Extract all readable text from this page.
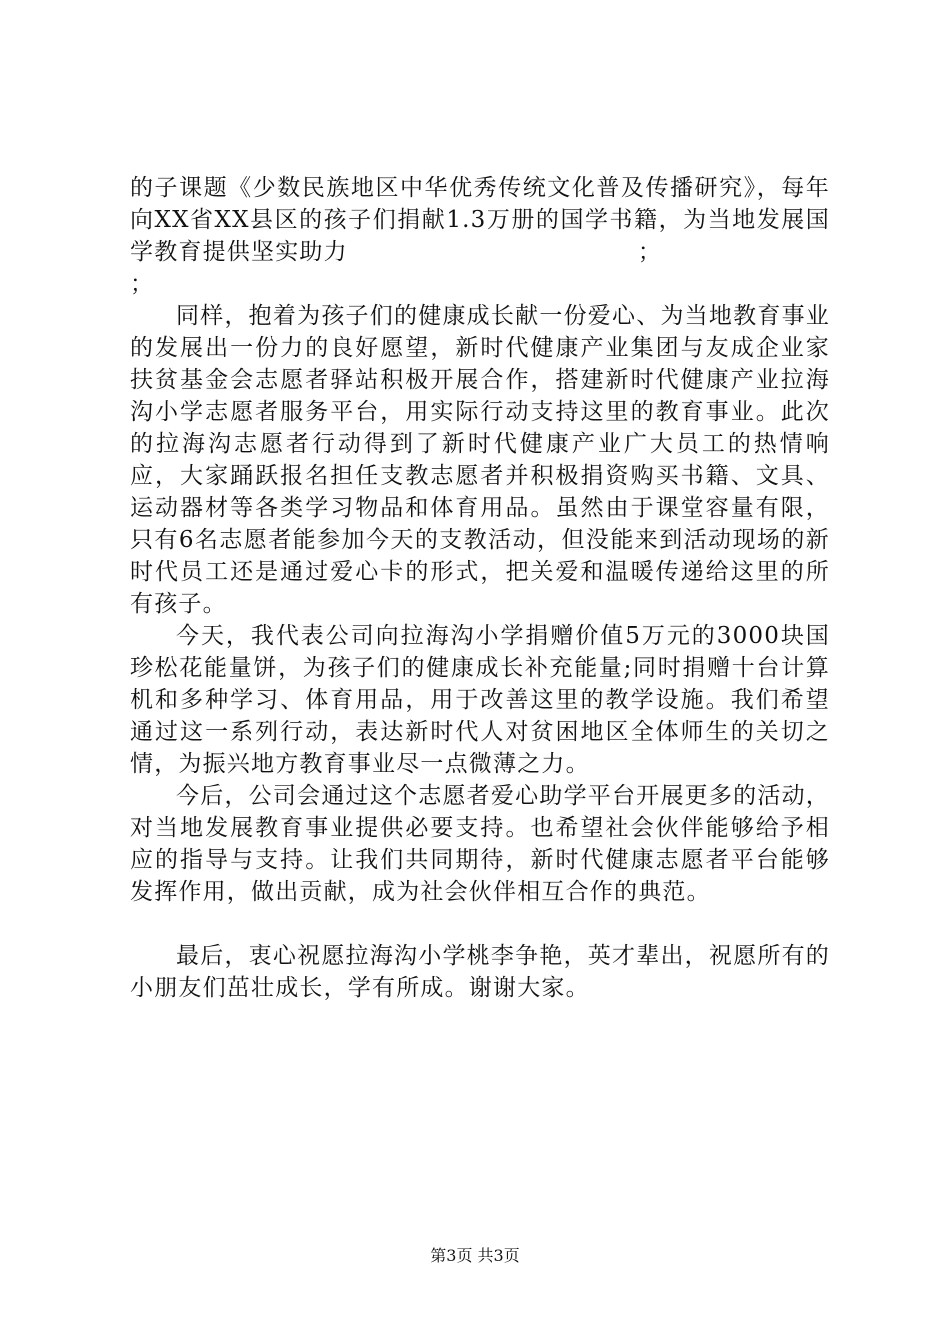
的子课题《少数民族地区中华优秀传统文化普及传播研究》，每年向XX省XX县区的孩子们捐献1.3万册的国学书籍，为当地发展国学教育提供坚实助力	；
；

同样，抱着为孩子们的健康成长献一份爱心、为当地教育事业的发展出一份力的良好愿望，新时代健康产业集团与友成企业家扶贫基金会志愿者驿站积极开展合作，搭建新时代健康产业拉海沟小学志愿者服务平台，用实际行动支持这里的教育事业。此次的拉海沟志愿者行动得到了新时代健康产业广大员工的热情响应，大家踊跃报名担任支教志愿者并积极捐资购买书籍、文具、运动器材等各类学习物品和体育用品。虽然由于课堂容量有限，只有6名志愿者能参加今天的支教活动，但没能来到活动现场的新时代员工还是通过爱心卡的形式，把关爱和温暖传递给这里的所有孩子。

今天，我代表公司向拉海沟小学捐赠价值5万元的3000块国珍松花能量饼，为孩子们的健康成长补充能量;同时捐赠十台计算机和多种学习、体育用品，用于改善这里的教学设施。我们希望通过这一系列行动，表达新时代人对贫困地区全体师生的关切之情，为振兴地方教育事业尽一点微薄之力。

今后，公司会通过这个志愿者爱心助学平台开展更多的活动，对当地发展教育事业提供必要支持。也希望社会伙伴能够给予相应的指导与支持。让我们共同期待，新时代健康志愿者平台能够发挥作用，做出贡献，成为社会伙伴相互合作的典范。

最后，衷心祝愿拉海沟小学桃李争艳，英才辈出，祝愿所有的小朋友们茁壮成长，学有所成。谢谢大家。

第3页 共3页
